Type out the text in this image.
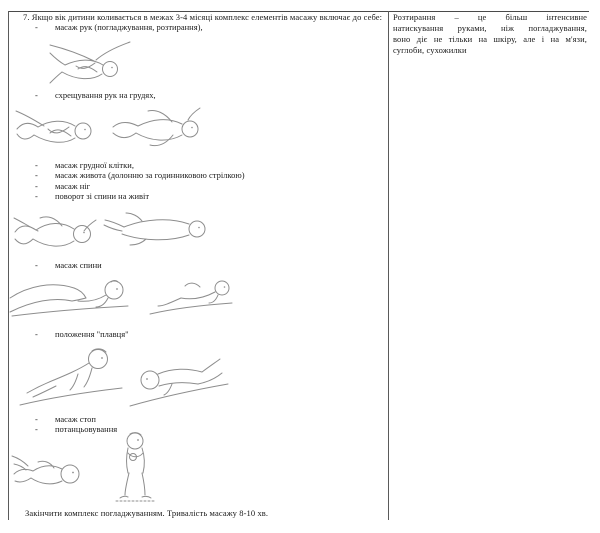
7. Якщо вік дитини коливається в межах 3-4 місяці комплекс елементів масажу включає до себе:
- масаж рук (погладжування, розтирання),
- схрещування рук на грудях,
- масаж грудної клітки,
- масаж живота (долонню за годинниковою стрілкою)
- масаж ніг
- поворот зі спини на живіт
- масаж спини
- положення "плавця"
- масаж стоп
- потанцьовування
Закінчити комплекс погладжуванням. Тривалість масажу 8-10 хв.
Розтирання – це більш інтенсивне
натискування руками, ніж погладжування,
воно діє не тільки на шкіру, але і на м'язи,
суглоби, сухожилки
